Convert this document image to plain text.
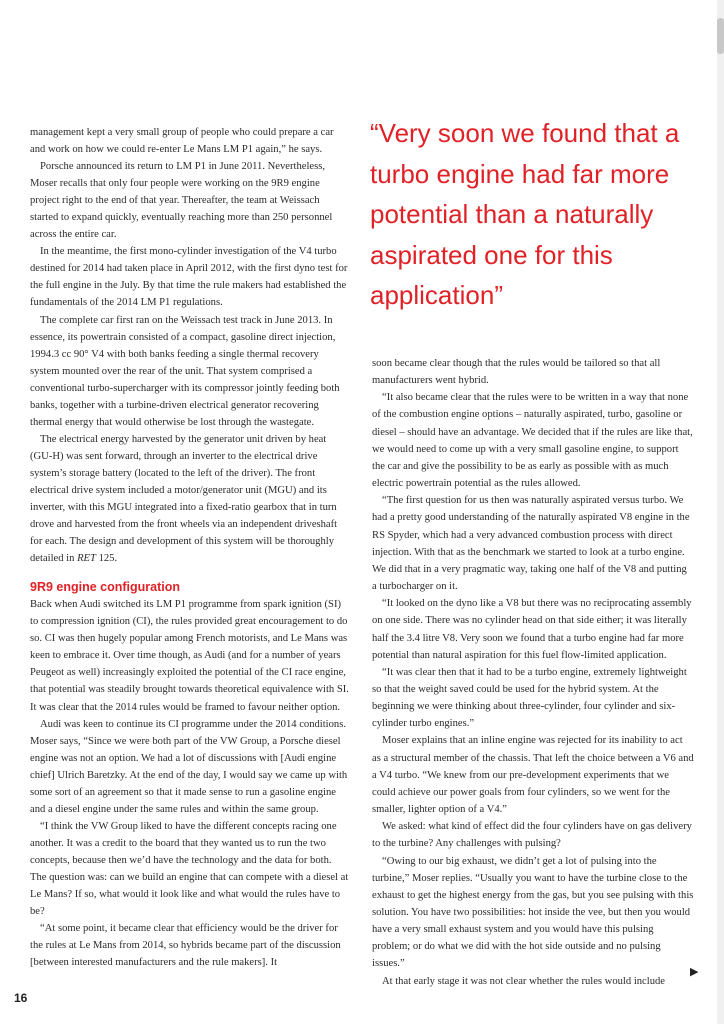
management kept a very small group of people who could prepare a car and work on how we could re-enter Le Mans LM P1 again,” he says.

Porsche announced its return to LM P1 in June 2011. Nevertheless, Moser recalls that only four people were working on the 9R9 engine project right to the end of that year. Thereafter, the team at Weissach started to expand quickly, eventually reaching more than 250 personnel across the entire car.

In the meantime, the first mono-cylinder investigation of the V4 turbo destined for 2014 had taken place in April 2012, with the first dyno test for the full engine in the July. By that time the rule makers had established the fundamentals of the 2014 LM P1 regulations.

The complete car first ran on the Weissach test track in June 2013. In essence, its powertrain consisted of a compact, gasoline direct injection, 1994.3 cc 90° V4 with both banks feeding a single thermal recovery system mounted over the rear of the unit. That system comprised a conventional turbo-supercharger with its compressor jointly feeding both banks, together with a turbine-driven electrical generator recovering thermal energy that would otherwise be lost through the wastegate.

The electrical energy harvested by the generator unit driven by heat (GU-H) was sent forward, through an inverter to the electrical drive system’s storage battery (located to the left of the driver). The front electrical drive system included a motor/generator unit (MGU) and its inverter, with this MGU integrated into a fixed-ratio gearbox that in turn drove and harvested from the front wheels via an independent driveshaft for each. The design and development of this system will be thoroughly detailed in RET 125.

9R9 engine configuration

Back when Audi switched its LM P1 programme from spark ignition (SI) to compression ignition (CI), the rules provided great encouragement to do so. CI was then hugely popular among French motorists, and Le Mans was keen to embrace it. Over time though, as Audi (and for a number of years Peugeot as well) increasingly exploited the potential of the CI race engine, that potential was steadily brought towards theoretical equivalence with SI. It was clear that the 2014 rules would be framed to favour neither option.

Audi was keen to continue its CI programme under the 2014 conditions. Moser says, “Since we were both part of the VW Group, a Porsche diesel engine was not an option. We had a lot of discussions with [Audi engine chief] Ulrich Baretzky. At the end of the day, I would say we came up with some sort of an agreement so that it made sense to run a gasoline engine and a diesel engine under the same rules and within the same group.

“I think the VW Group liked to have the different concepts racing one another. It was a credit to the board that they wanted us to run the two concepts, because then we’d have the technology and the data for both. The question was: can we build an engine that can compete with a diesel at Le Mans? If so, what would it look like and what would the rules have to be?

“At some point, it became clear that efficiency would be the driver for the rules at Le Mans from 2014, so hybrids became part of the discussion [between interested manufacturers and the rule makers]. It

“Very soon we found that a turbo engine had far more potential than a naturally aspirated one for this application”

soon became clear though that the rules would be tailored so that all manufacturers went hybrid.

“It also became clear that the rules were to be written in a way that none of the combustion engine options – naturally aspirated, turbo, gasoline or diesel – should have an advantage. We decided that if the rules are like that, we would need to come up with a very small gasoline engine, to support the car and give the possibility to be as early as possible with as much electric powertrain potential as the rules allowed.

“The first question for us then was naturally aspirated versus turbo. We had a pretty good understanding of the naturally aspirated V8 engine in the RS Spyder, which had a very advanced combustion process with direct injection. With that as the benchmark we started to look at a turbo engine. We did that in a very pragmatic way, taking one half of the V8 and putting a turbocharger on it.

“It looked on the dyno like a V8 but there was no reciprocating assembly on one side. There was no cylinder head on that side either; it was literally half the 3.4 litre V8. Very soon we found that a turbo engine had far more potential than natural aspiration for this fuel flow-limited application.

“It was clear then that it had to be a turbo engine, extremely lightweight so that the weight saved could be used for the hybrid system. At the beginning we were thinking about three-cylinder, four cylinder and six-cylinder turbo engines.”

Moser explains that an inline engine was rejected for its inability to act as a structural member of the chassis. That left the choice between a V6 and a V4 turbo. “We knew from our pre-development experiments that we could achieve our power goals from four cylinders, so we went for the smaller, lighter option of a V4.”

We asked: what kind of effect did the four cylinders have on gas delivery to the turbine? Any challenges with pulsing?

“Owing to our big exhaust, we didn’t get a lot of pulsing into the turbine,” Moser replies. “Usually you want to have the turbine close to the exhaust to get the highest energy from the gas, but you see pulsing with this solution. You have two possibilities: hot inside the vee, but then you would have a very small exhaust system and you would have this pulsing problem; or do what we did with the hot side outside and no pulsing issues.”

At that early stage it was not clear whether the rules would include

▶
16
